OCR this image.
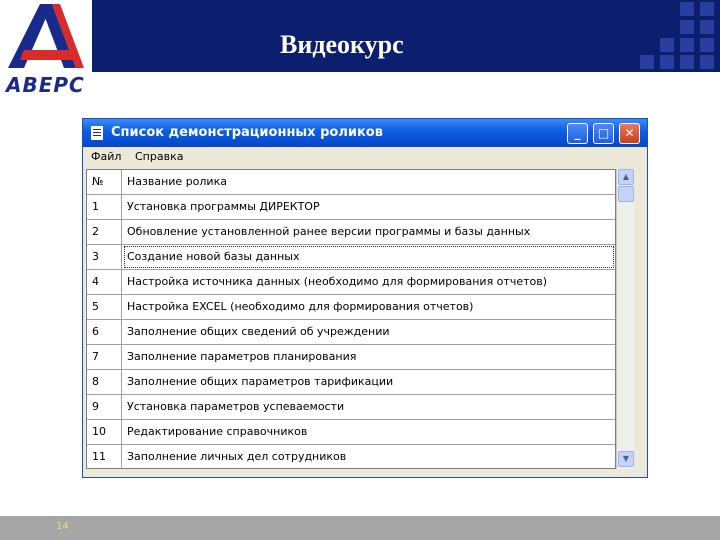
Видеокурс
АВЕРС
Список демонстрационных роликов	_	□	✕
Файл Справка
№	Название ролика
1	Установка программы ДИРЕКТОР
2	Обновление установленной ранее версии программы и базы данных
3	Создание новой базы данных
4	Настройка источника данных (необходимо для формирования отчетов)
5	Настройка EXCEL (необходимо для формирования отчетов)
6	Заполнение общих сведений об учреждении
7	Заполнение параметров планирования
8	Заполнение общих параметров тарификации
9	Установка параметров успеваемости
10	Редактирование справочников
11	Заполнение личных дел сотрудников
▲
▼
14
